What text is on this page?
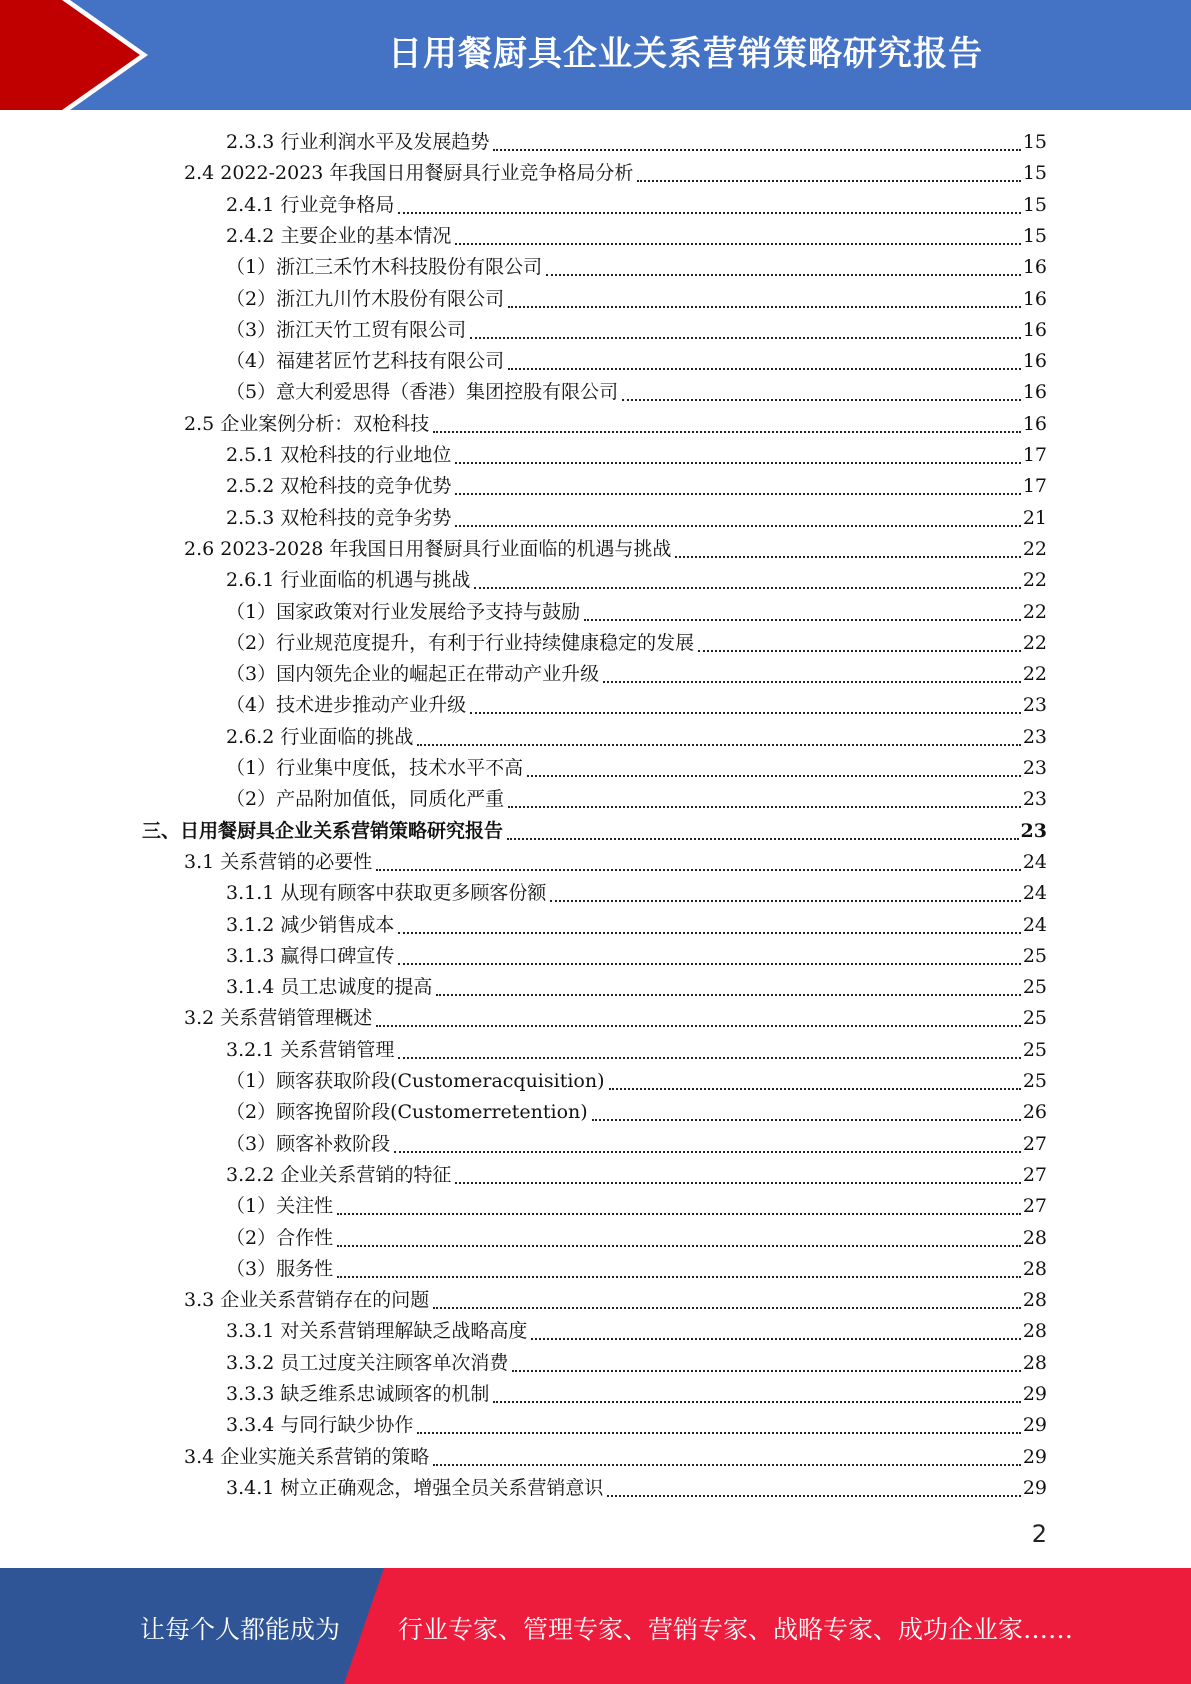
日用餐厨具企业关系营销策略研究报告
2.3.3 行业利润水平及发展趋势	15
2.4 2022-2023 年我国日用餐厨具行业竞争格局分析	15
2.4.1 行业竞争格局	15
2.4.2 主要企业的基本情况	15
（1）浙江三禾竹木科技股份有限公司	16
（2）浙江九川竹木股份有限公司	16
（3）浙江天竹工贸有限公司	16
（4）福建茗匠竹艺科技有限公司	16
（5）意大利爱思得（香港）集团控股有限公司	16
2.5 企业案例分析：双枪科技	16
2.5.1 双枪科技的行业地位	17
2.5.2 双枪科技的竞争优势	17
2.5.3 双枪科技的竞争劣势	21
2.6 2023-2028 年我国日用餐厨具行业面临的机遇与挑战	22
2.6.1 行业面临的机遇与挑战	22
（1）国家政策对行业发展给予支持与鼓励	22
（2）行业规范度提升，有利于行业持续健康稳定的发展	22
（3）国内领先企业的崛起正在带动产业升级	22
（4）技术进步推动产业升级	23
2.6.2 行业面临的挑战	23
（1）行业集中度低，技术水平不高	23
（2）产品附加值低，同质化严重	23
三、日用餐厨具企业关系营销策略研究报告	23
3.1 关系营销的必要性	24
3.1.1 从现有顾客中获取更多顾客份额	24
3.1.2 减少销售成本	24
3.1.3 赢得口碑宣传	25
3.1.4 员工忠诚度的提高	25
3.2 关系营销管理概述	25
3.2.1 关系营销管理	25
（1）顾客获取阶段(Customeracquisition)	25
（2）顾客挽留阶段(Customerretention)	26
（3）顾客补救阶段	27
3.2.2 企业关系营销的特征	27
（1）关注性	27
（2）合作性	28
（3）服务性	28
3.3 企业关系营销存在的问题	28
3.3.1 对关系营销理解缺乏战略高度	28
3.3.2 员工过度关注顾客单次消费	28
3.3.3 缺乏维系忠诚顾客的机制	29
3.3.4 与同行缺少协作	29
3.4 企业实施关系营销的策略	29
3.4.1 树立正确观念，增强全员关系营销意识	29
2
让每个人都能成为 行业专家、管理专家、营销专家、战略专家、成功企业家……
